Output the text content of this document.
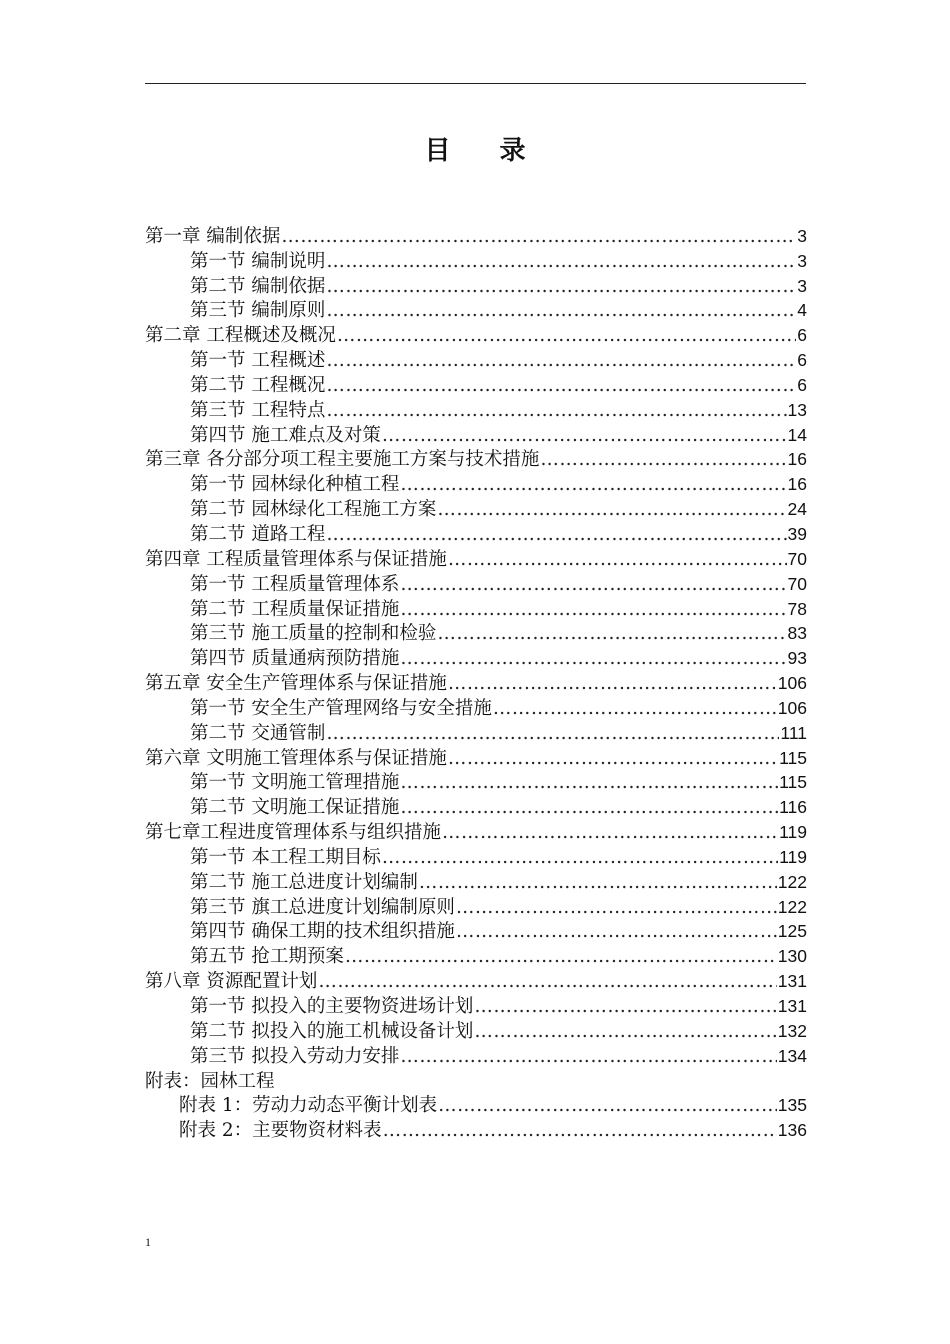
目 录
第一章 编制依据 …………………………………………………………………………………………………………………………………………………………	3
第一节 编制说明 …………………………………………………………………………………………………………………………………………………………	3
第二节 编制依据 …………………………………………………………………………………………………………………………………………………………	3
第三节 编制原则 …………………………………………………………………………………………………………………………………………………………	4
第二章 工程概述及概况 …………………………………………………………………………………………………………………………………………………………	6
第一节 工程概述 …………………………………………………………………………………………………………………………………………………………	6
第二节 工程概况 …………………………………………………………………………………………………………………………………………………………	6
第三节 工程特点 …………………………………………………………………………………………………………………………………………………………	13
第四节 施工难点及对策 …………………………………………………………………………………………………………………………………………………………	14
第三章 各分部分项工程主要施工方案与技术措施 …………………………………………………………………………………………………………………………………………………………	16
第一节 园林绿化种植工程 …………………………………………………………………………………………………………………………………………………………	16
第二节 园林绿化工程施工方案 …………………………………………………………………………………………………………………………………………………………	24
第二节 道路工程 …………………………………………………………………………………………………………………………………………………………	39
第四章 工程质量管理体系与保证措施 …………………………………………………………………………………………………………………………………………………………	70
第一节 工程质量管理体系 …………………………………………………………………………………………………………………………………………………………	70
第二节 工程质量保证措施 …………………………………………………………………………………………………………………………………………………………	78
第三节 施工质量的控制和检验 …………………………………………………………………………………………………………………………………………………………	83
第四节 质量通病预防措施 …………………………………………………………………………………………………………………………………………………………	93
第五章 安全生产管理体系与保证措施 …………………………………………………………………………………………………………………………………………………………	106
第一节 安全生产管理网络与安全措施 …………………………………………………………………………………………………………………………………………………………	106
第二节 交通管制 …………………………………………………………………………………………………………………………………………………………	111
第六章 文明施工管理体系与保证措施 …………………………………………………………………………………………………………………………………………………………	115
第一节 文明施工管理措施 …………………………………………………………………………………………………………………………………………………………	115
第二节 文明施工保证措施 …………………………………………………………………………………………………………………………………………………………	116
第七章工程进度管理体系与组织措施 …………………………………………………………………………………………………………………………………………………………	119
第一节 本工程工期目标 …………………………………………………………………………………………………………………………………………………………	119
第二节 施工总进度计划编制 …………………………………………………………………………………………………………………………………………………………	122
第三节 旗工总进度计划编制原则 …………………………………………………………………………………………………………………………………………………………	122
第四节 确保工期的技术组织措施 …………………………………………………………………………………………………………………………………………………………	125
第五节 抢工期预案 …………………………………………………………………………………………………………………………………………………………	130
第八章 资源配置计划 …………………………………………………………………………………………………………………………………………………………	131
第一节 拟投入的主要物资进场计划 …………………………………………………………………………………………………………………………………………………………	131
第二节 拟投入的施工机械设备计划 …………………………………………………………………………………………………………………………………………………………	132
第三节 拟投入劳动力安排 …………………………………………………………………………………………………………………………………………………………	134
附表：园林工程
附表 1：劳动力动态平衡计划表 …………………………………………………………………………………………………………………………………………………………	135
附表 2：主要物资材料表 …………………………………………………………………………………………………………………………………………………………	136
1
